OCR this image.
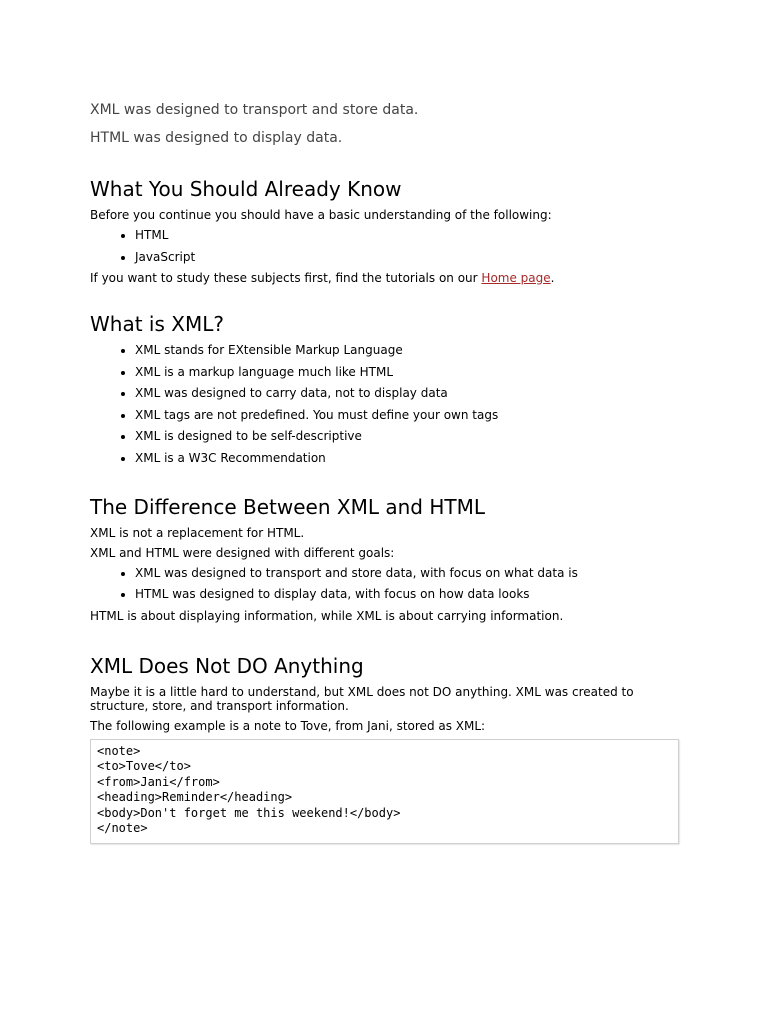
XML was designed to transport and store data.

HTML was designed to display data.

What You Should Already Know

Before you continue you should have a basic understanding of the following:

• HTML
• JavaScript

If you want to study these subjects first, find the tutorials on our Home page.

What is XML?
• XML stands for EXtensible Markup Language
• XML is a markup language much like HTML
• XML was designed to carry data, not to display data
• XML tags are not predefined. You must define your own tags
• XML is designed to be self-descriptive
• XML is a W3C Recommendation
The Difference Between XML and HTML

XML is not a replacement for HTML.

XML and HTML were designed with different goals:

• XML was designed to transport and store data, with focus on what data is
• HTML was designed to display data, with focus on how data looks

HTML is about displaying information, while XML is about carrying information.

XML Does Not DO Anything

Maybe it is a little hard to understand, but XML does not DO anything. XML was created to structure, store, and transport information.

The following example is a note to Tove, from Jani, stored as XML:

<note>
<to>Tove</to>
<from>Jani</from>
<heading>Reminder</heading>
<body>Don't forget me this weekend!</body>
</note>
